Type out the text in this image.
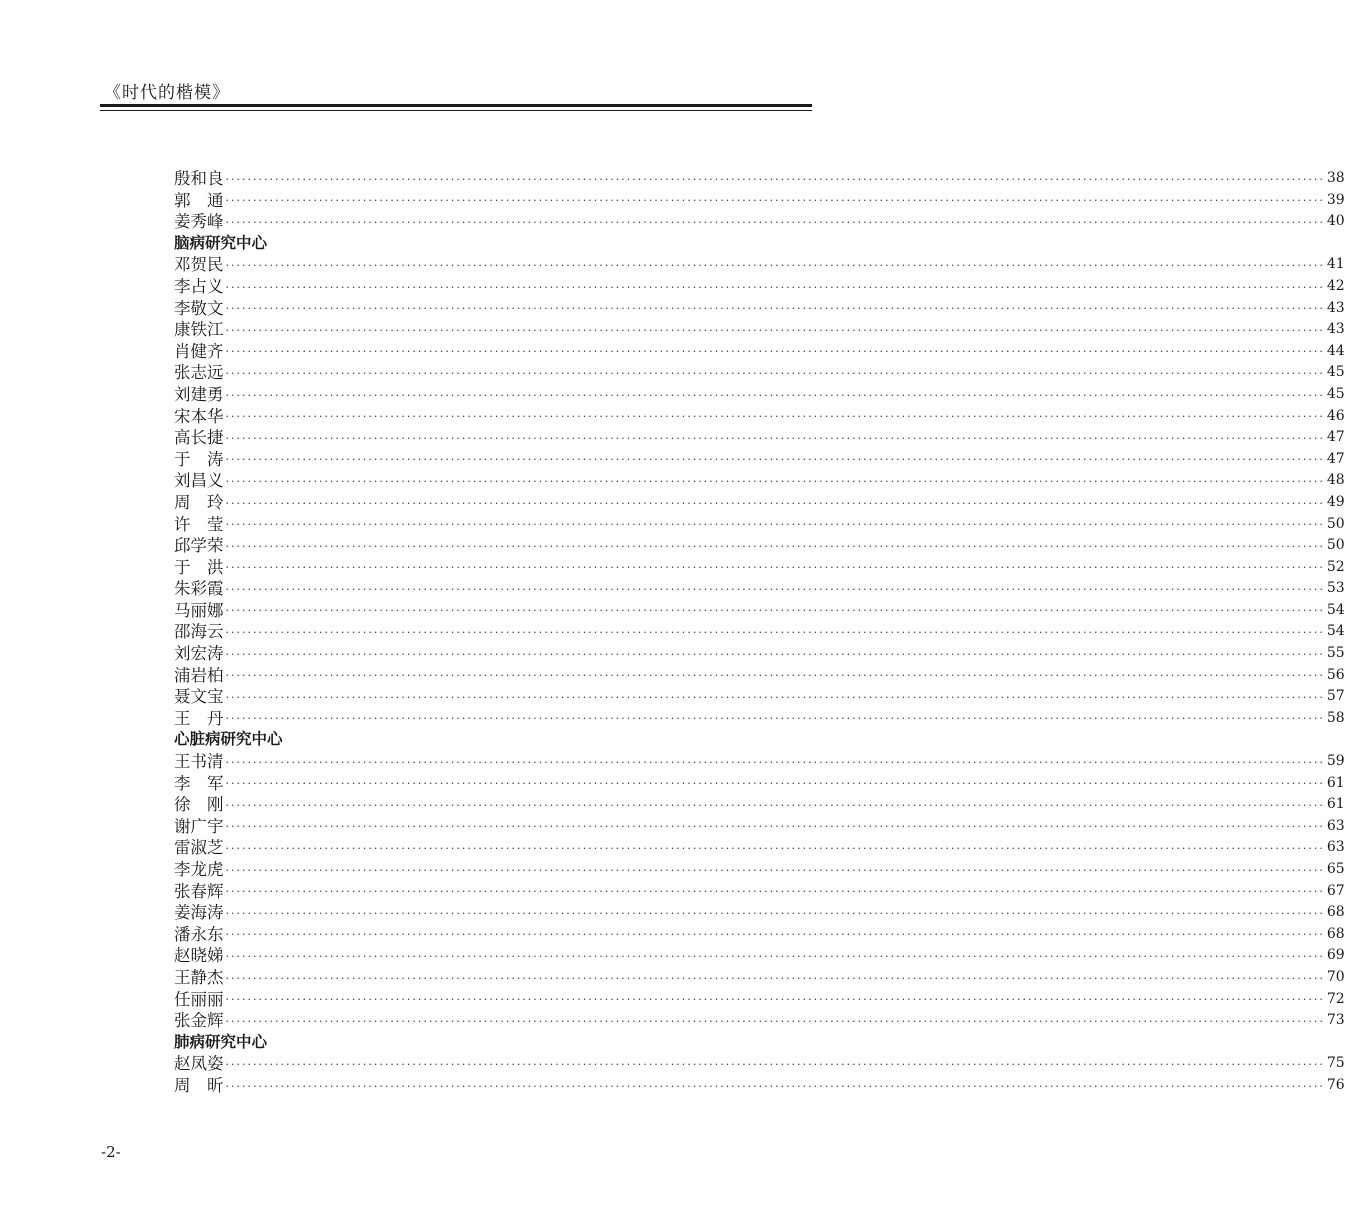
《时代的楷模》
殷和良 ········································································································································································································ 38
郭　通 ········································································································································································································ 39
姜秀峰 ········································································································································································································ 40
脑病研究中心
邓贺民 ········································································································································································································ 41
李占义 ········································································································································································································ 42
李敬文 ········································································································································································································ 43
康铁江 ········································································································································································································ 43
肖健齐 ········································································································································································································ 44
张志远 ········································································································································································································ 45
刘建勇 ········································································································································································································ 45
宋本华 ········································································································································································································ 46
高长捷 ········································································································································································································ 47
于　涛 ········································································································································································································ 47
刘昌义 ········································································································································································································ 48
周　玲 ········································································································································································································ 49
许　莹 ········································································································································································································ 50
邱学荣 ········································································································································································································ 50
于　洪 ········································································································································································································ 52
朱彩霞 ········································································································································································································ 53
马丽娜 ········································································································································································································ 54
邵海云 ········································································································································································································ 54
刘宏涛 ········································································································································································································ 55
浦岩柏 ········································································································································································································ 56
聂文宝 ········································································································································································································ 57
王　丹 ········································································································································································································ 58
心脏病研究中心
王书清 ········································································································································································································ 59
李　军 ········································································································································································································ 61
徐　刚 ········································································································································································································ 61
谢广宇 ········································································································································································································ 63
雷淑芝 ········································································································································································································ 63
李龙虎 ········································································································································································································ 65
张春辉 ········································································································································································································ 67
姜海涛 ········································································································································································································ 68
潘永东 ········································································································································································································ 68
赵晓娣 ········································································································································································································ 69
王静杰 ········································································································································································································ 70
任丽丽 ········································································································································································································ 72
张金辉 ········································································································································································································ 73
肺病研究中心
赵凤姿 ········································································································································································································ 75
周　昕 ········································································································································································································ 76
-2-
